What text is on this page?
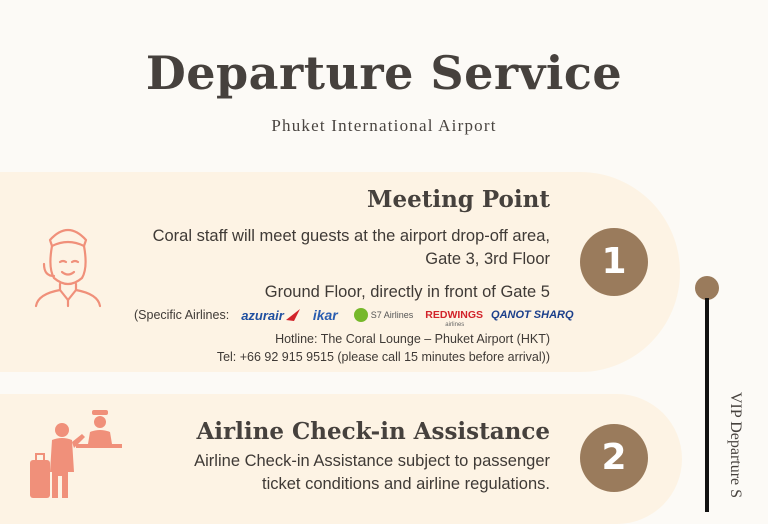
Departure Service
Phuket International Airport
1
Meeting Point
Coral staff will meet guests at the airport drop-off area,
Gate 3, 3rd Floor
Ground Floor, directly in front of Gate 5
(Specific Airlines: azurair ikar	S7 Airlines REDWINGS
airlines
QANOT SHARQ
Hotline: The Coral Lounge – Phuket Airport (HKT)
Tel: +66 92 915 9515 (please call 15 minutes before arrival))
VIP Departure S
2
Airline Check-in Assistance
Airline Check-in Assistance subject to passenger
ticket conditions and airline regulations.
